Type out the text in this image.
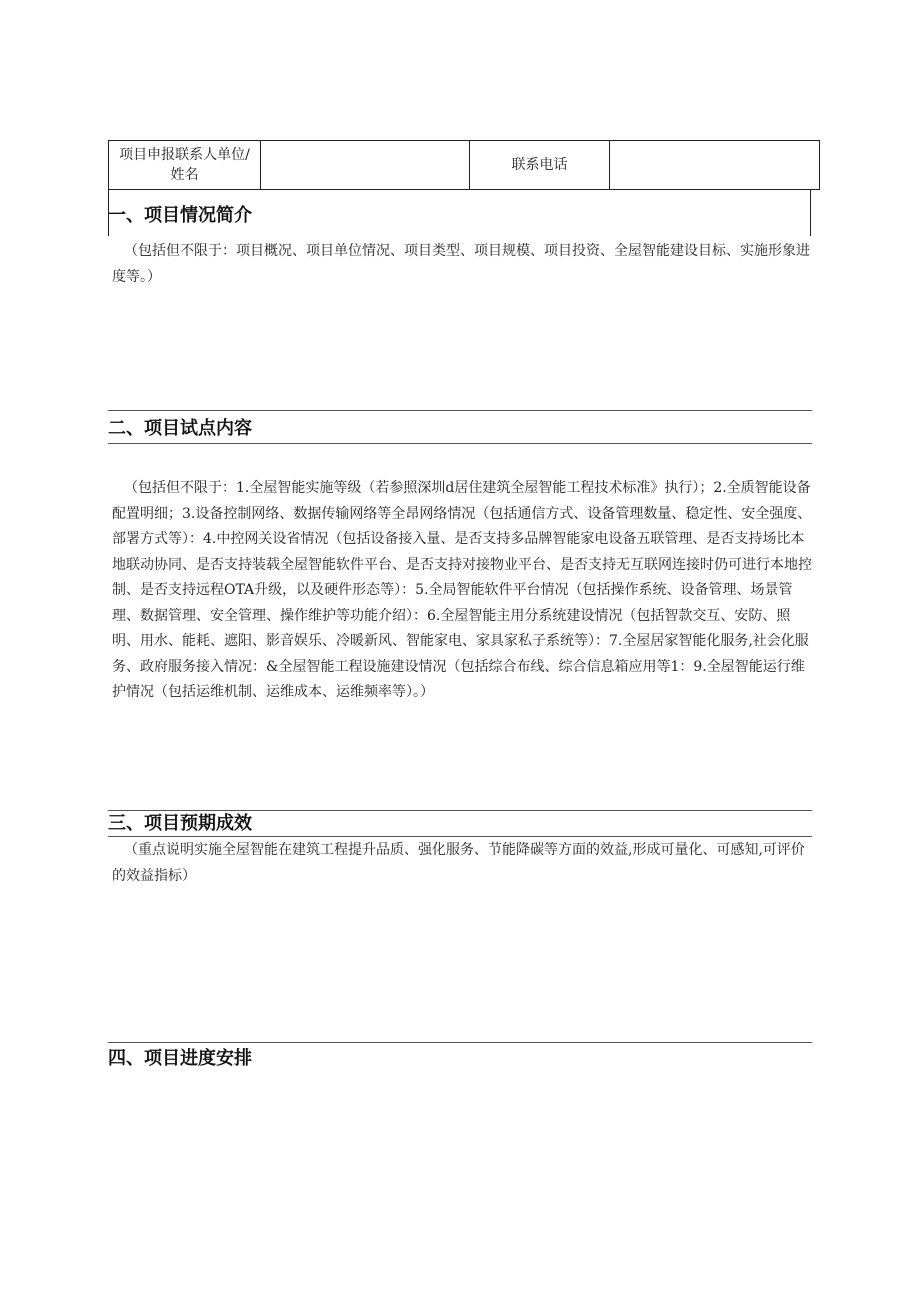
项目申报联系人单位/姓名		联系电话	
一、项目情况简介

（包括但不限于：项目概况、项目单位情况、项目类型、项目规模、项目投资、全屋智能建设目标、实施形象进度等。）

二、项目试点内容

（包括但不限于：1.全屋智能实施等级（若参照深圳d居住建筑全屋智能工程技术标准》执行）；2.全质智能设备配置明细；3.设备控制网络、数据传输网络等全昂网络情况（包括通信方式、设备管理数量、稳定性、安全强度、部署方式等）：4.中控网关设省情况（包括设备接入量、是否支持多品牌智能家电设备五联管理、是否支持场比本地联动协同、是否支持装载全屋智能软件平台、是否支持对接物业平台、是否支持无互联网连接时仍可进行本地控制、是否支持远程OTA升级，以及硬件形态等）：5.全局智能软件平台情况（包括操作系统、设备管理、场景管理、数据管理、安全管理、操作维护等功能介绍）：6.全屋智能主用分系统建设情况（包括智款交互、安防、照明、用水、能耗、遮阳、影音娱乐、冷暖新风、智能家电、家具家私子系统等）：7.全屋居家智能化服务,社会化服务、政府服务接入情况：&全屋智能工程设施建设情况（包括综合布线、综合信息箱应用等1：9.全屋智能运行维护情况（包括运维机制、运维成本、运维频率等）。）

三、项目预期成效

（重点说明实施全屋智能在建筑工程提升品质、强化服务、节能降碳等方面的效益,形成可量化、可感知,可评价的效益指标）

四、项目进度安排
